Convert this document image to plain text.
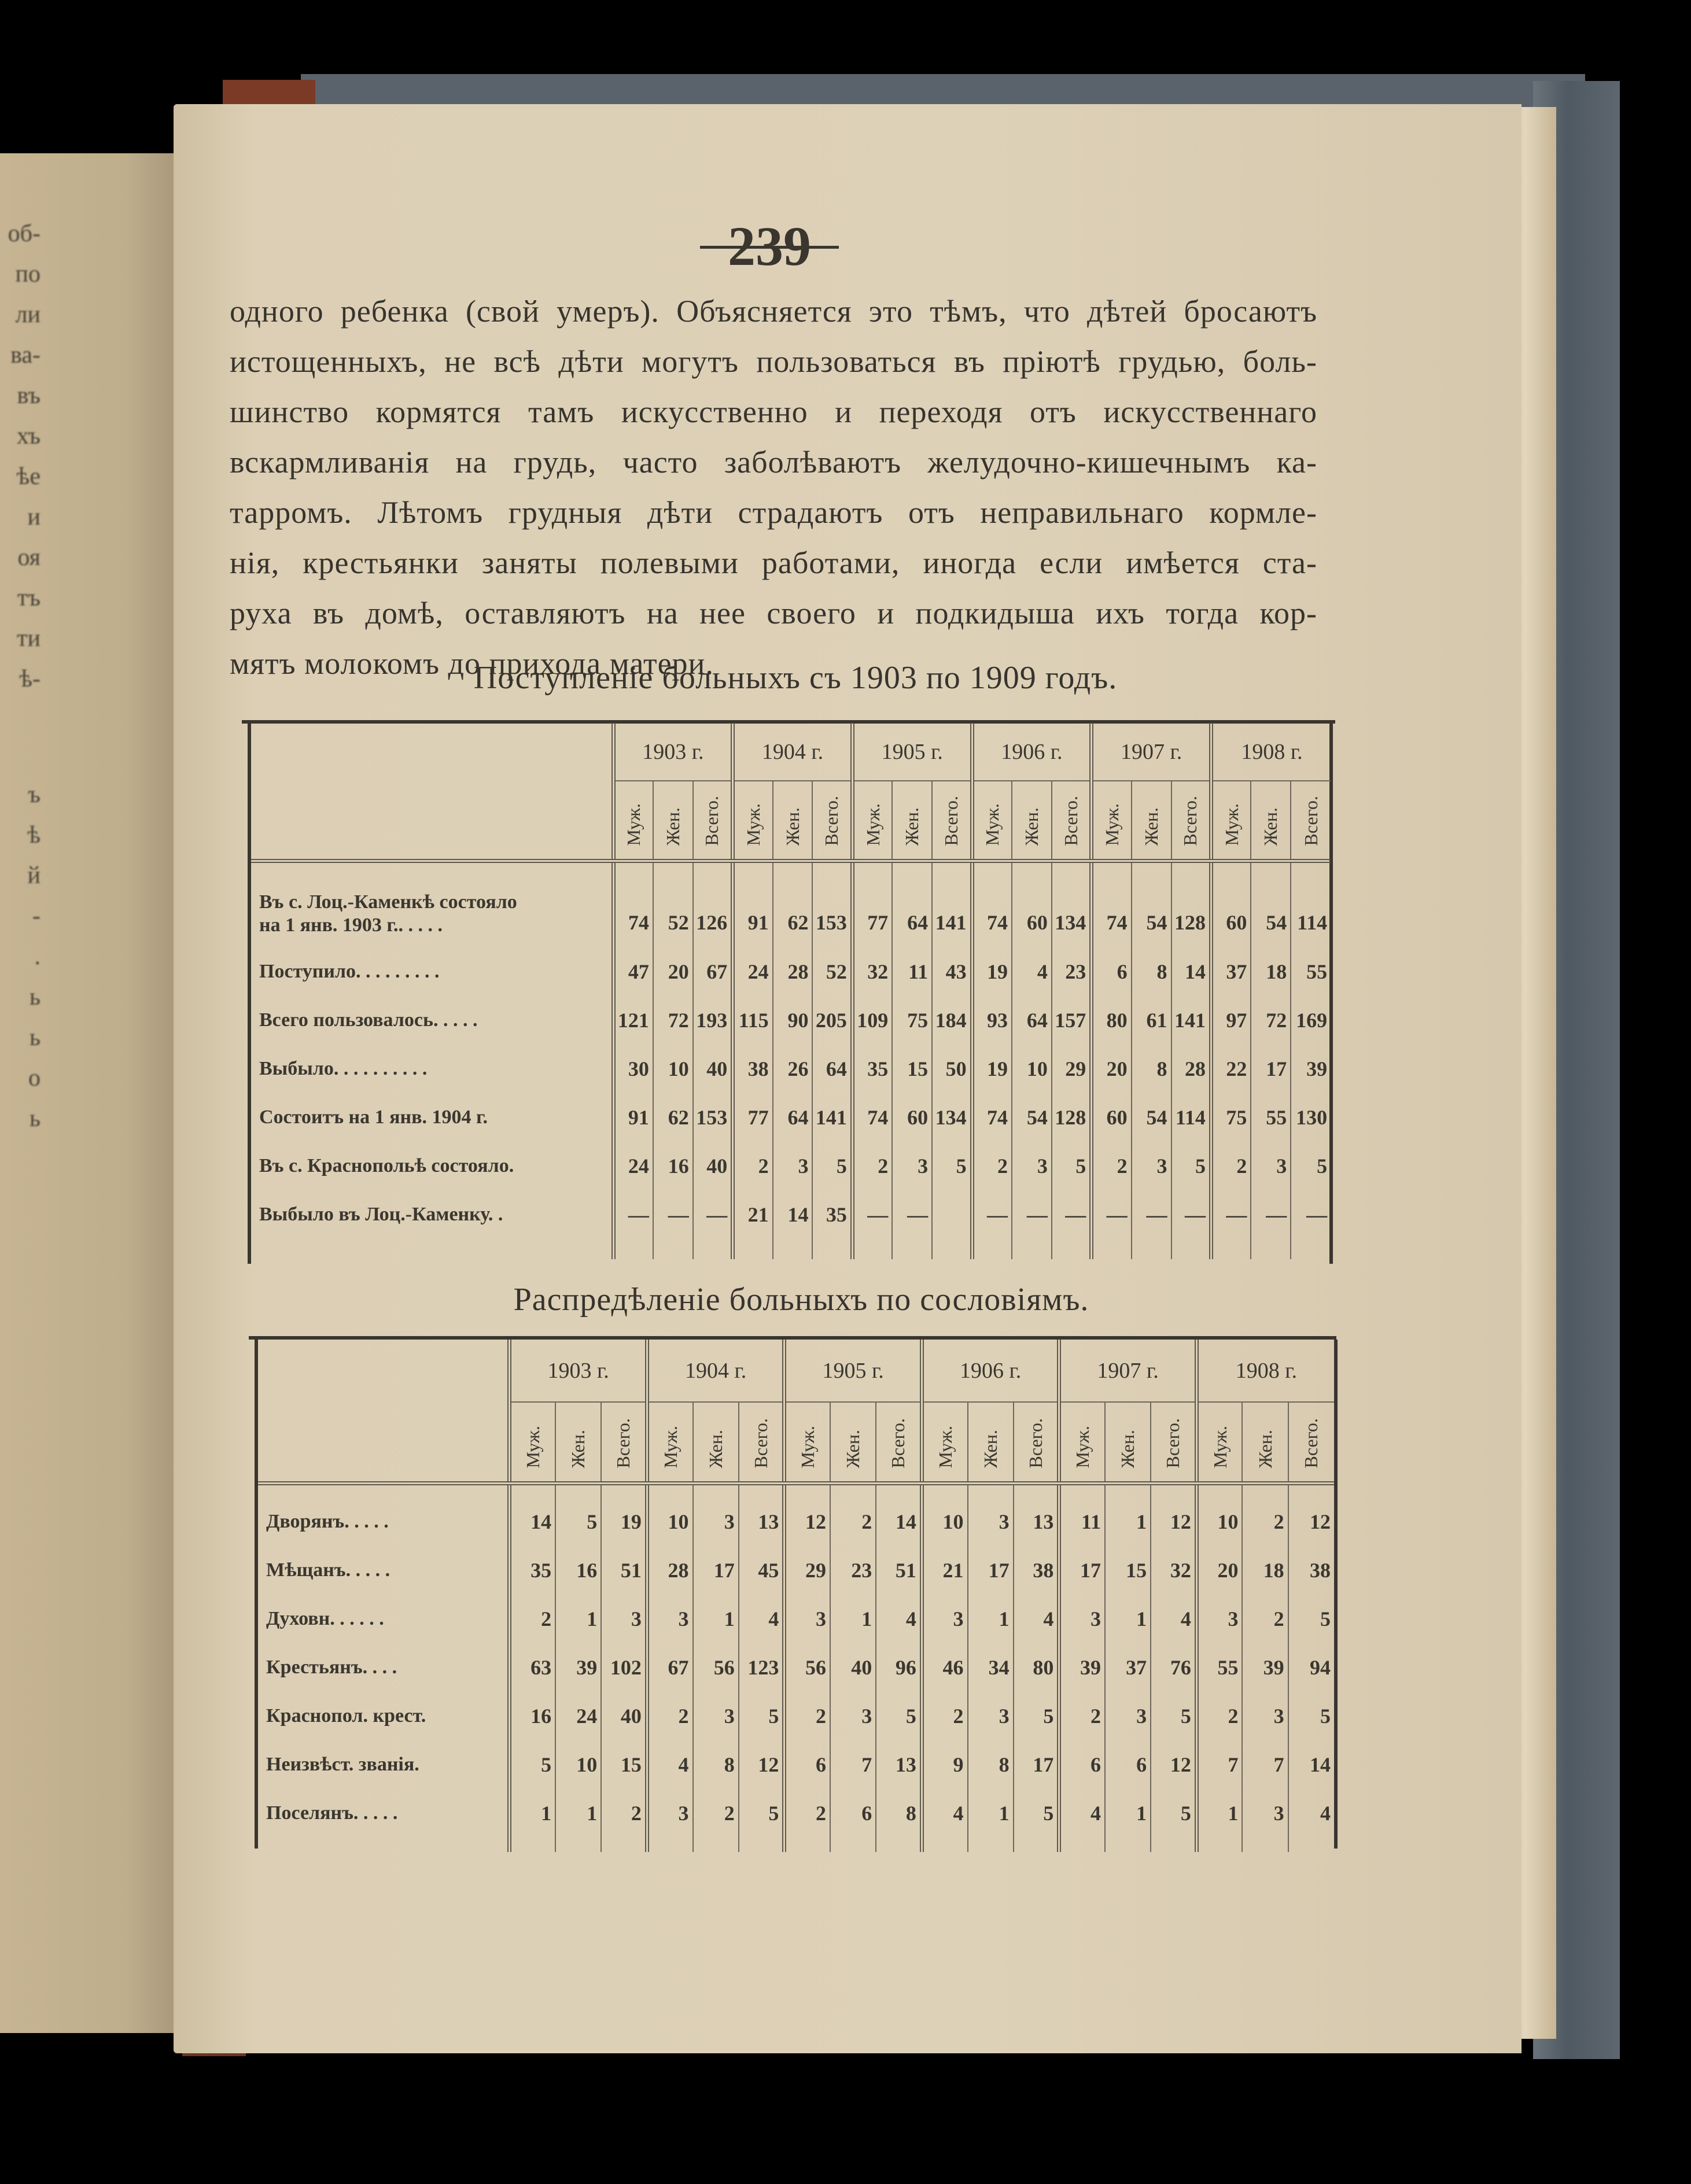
об-
по
ли
ва-
въ
хъ
ѣе
и
оя
тъ
ти
ѣ-
ъ
ѣ
й
-
.
ь
ь
о
ь
239
одного ребенка (свой умеръ). Объясняется это тѣмъ, что дѣтей бросаютъ
истощенныхъ, не всѣ дѣти могутъ пользоваться въ пріютѣ грудью, боль-
шинство кормятся тамъ искусственно и переходя отъ искусственнаго
вскармливанія на грудь, часто заболѣваютъ желудочно-кишечнымъ ка-
тарромъ. Лѣтомъ грудныя дѣти страдаютъ отъ неправильнаго кормле-
нія, крестьянки заняты полевыми работами, иногда если имѣется ста-
руха въ домѣ, оставляютъ на нее своего и подкидыша ихъ тогда кор-
мятъ молокомъ до прихода матери.
Поступленіе больныхъ съ 1903 по 1909 годъ.
	1903 г.			1904 г.			1905 г.			1906 г.			1907 г.			1908 г.		
	Муж.	Жен.	Всего.	Муж.	Жен.	Всего.	Муж.	Жен.	Всего.	Муж.	Жен.	Всего.	Муж.	Жен.	Всего.	Муж.	Жен.	Всего.
Въ с. Лоц.-Каменкѣ состояло
на 1 янв. 1903 г.. . . . .	74	52	126	91	62	153	77	64	141	74	60	134	74	54	128	60	54	114
Поступило. . . . . . . . .	47	20	67	24	28	52	32	11	43	19	4	23	6	8	14	37	18	55
Всего пользовалось. . . . .	121	72	193	115	90	205	109	75	184	93	64	157	80	61	141	97	72	169
Выбыло. . . . . . . . . .	30	10	40	38	26	64	35	15	50	19	10	29	20	8	28	22	17	39
Состоитъ на 1 янв. 1904 г.	91	62	153	77	64	141	74	60	134	74	54	128	60	54	114	75	55	130
Въ с. Краснопольѣ состояло.	24	16	40	2	3	5	2	3	5	2	3	5	2	3	5	2	3	5
Выбыло въ Лоц.-Каменку. .	—	—	—	21	14	35	—	—		—	—	—	—	—	—	—	—	—

Распредѣленіе больныхъ по сословіямъ.
	1903 г.			1904 г.			1905 г.			1906 г.			1907 г.			1908 г.		
	Муж.	Жен.	Всего.	Муж.	Жен.	Всего.	Муж.	Жен.	Всего.	Муж.	Жен.	Всего.	Муж.	Жен.	Всего.	Муж.	Жен.	Всего.

Дворянъ. . . . .	14	5	19	10	3	13	12	2	14	10	3	13	11	1	12	10	2	12
Мѣщанъ. . . . .	35	16	51	28	17	45	29	23	51	21	17	38	17	15	32	20	18	38
Духовн. . . . . .	2	1	3	3	1	4	3	1	4	3	1	4	3	1	4	3	2	5
Крестьянъ. . . .	63	39	102	67	56	123	56	40	96	46	34	80	39	37	76	55	39	94
Краснопол. крест.	16	24	40	2	3	5	2	3	5	2	3	5	2	3	5	2	3	5
Неизвѣст. званія.	5	10	15	4	8	12	6	7	13	9	8	17	6	6	12	7	7	14
Поселянъ. . . . .	1	1	2	3	2	5	2	6	8	4	1	5	4	1	5	1	3	4
